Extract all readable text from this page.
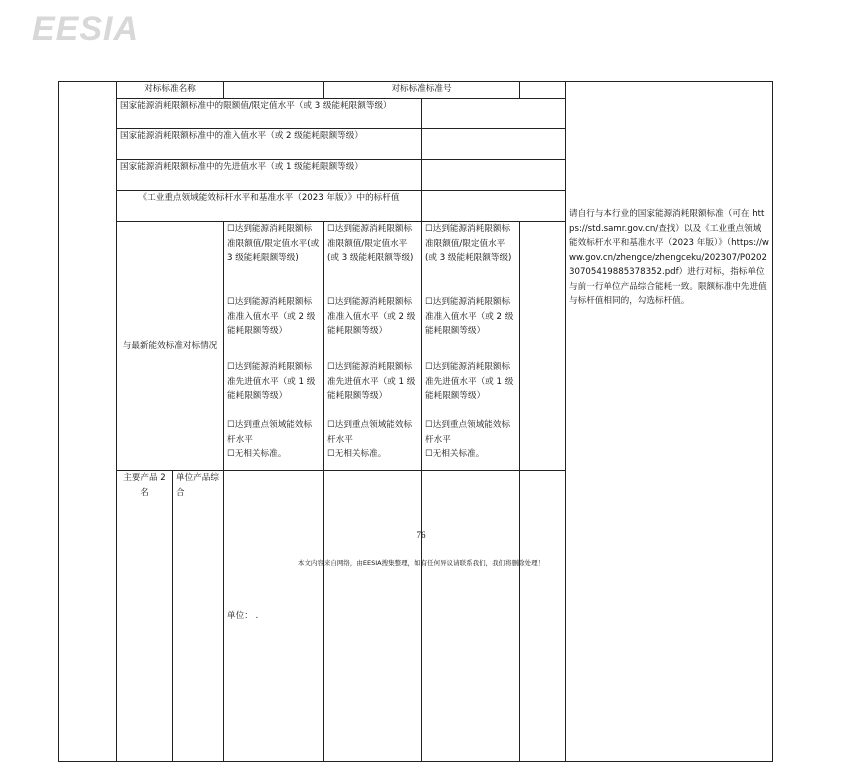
EESIA
	对标标准名称			对标标准标准号			请自行与本行业的国家能源消耗限额标准（可在 https://std.samr.gov.cn/查找）以及《工业重点领域能效标杆水平和基准水平（2023 年版）》（https://www.gov.cn/zhengce/zhengceku/202307/P020230705419885378352.pdf）进行对标，指标单位与前一行单位产品综合能耗一致。限额标准中先进值与标杆值相同的，勾选标杆值。	
	国家能源消耗限额标准中的限额值/限定值水平（或 3 级能耗限额等级）							
	国家能源消耗限额标准中的准入值水平（或 2 级能耗限额等级）							
	国家能源消耗限额标准中的先进值水平（或 1 级能耗限额等级）							
	《工业重点领域能效标杆水平和基准水平（2023 年版）》中的标杆值							
	与最新能效标准对标情况		☐达到能源消耗限额标准限额值/限定值水平(或 3 级能耗限额等级)
☐达到能源消耗限额标准准入值水平（或 2 级能耗限额等级）
☐达到能源消耗限额标准先进值水平（或 1 级能耗限额等级）
☐达到重点领域能效标杆水平
☐无相关标准。	☐达到能源消耗限额标准限额值/限定值水平(或 3 级能耗限额等级)
☐达到能源消耗限额标准准入值水平（或 2 级能耗限额等级）
☐达到能源消耗限额标准先进值水平（或 1 级能耗限额等级）
☐达到重点领域能效标杆水平
☐无相关标准。	☐达到能源消耗限额标准限额值/限定值水平(或 3 级能耗限额等级)
☐达到能源消耗限额标准准入值水平（或 2 级能耗限额等级）
☐达到能源消耗限额标准先进值水平（或 1 级能耗限额等级）
☐达到重点领域能效标杆水平
☐无相关标准。			

	主要产品 2 名	单位产品综合	单位： .					
76
本文内容来自网络，由EESIA搜集整理，如有任何异议请联系我们，我们将删除处理！
